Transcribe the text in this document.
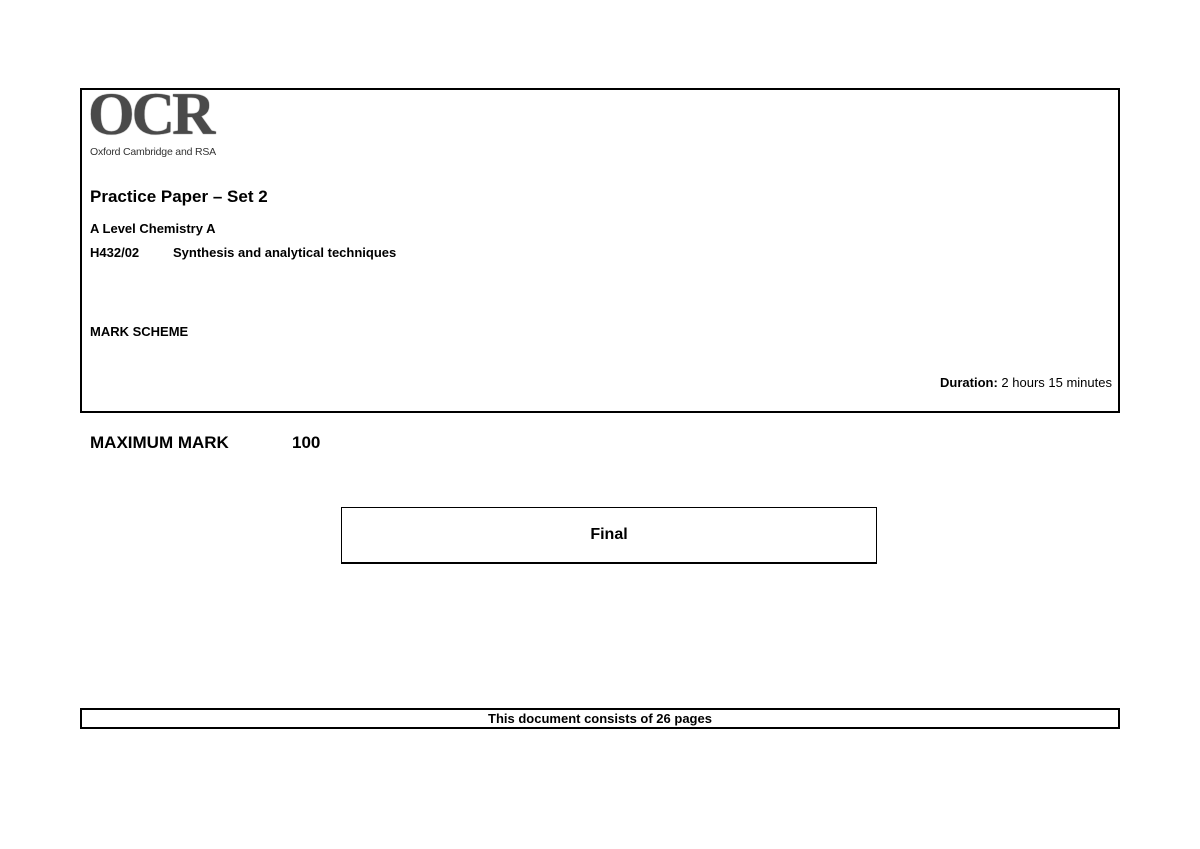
OCR
Oxford Cambridge and RSA
Practice Paper – Set 2
A Level Chemistry A
H432/02	Synthesis and analytical techniques
MARK SCHEME
Duration: 2 hours 15 minutes
MAXIMUM MARK	100
Final
This document consists of 26 pages
